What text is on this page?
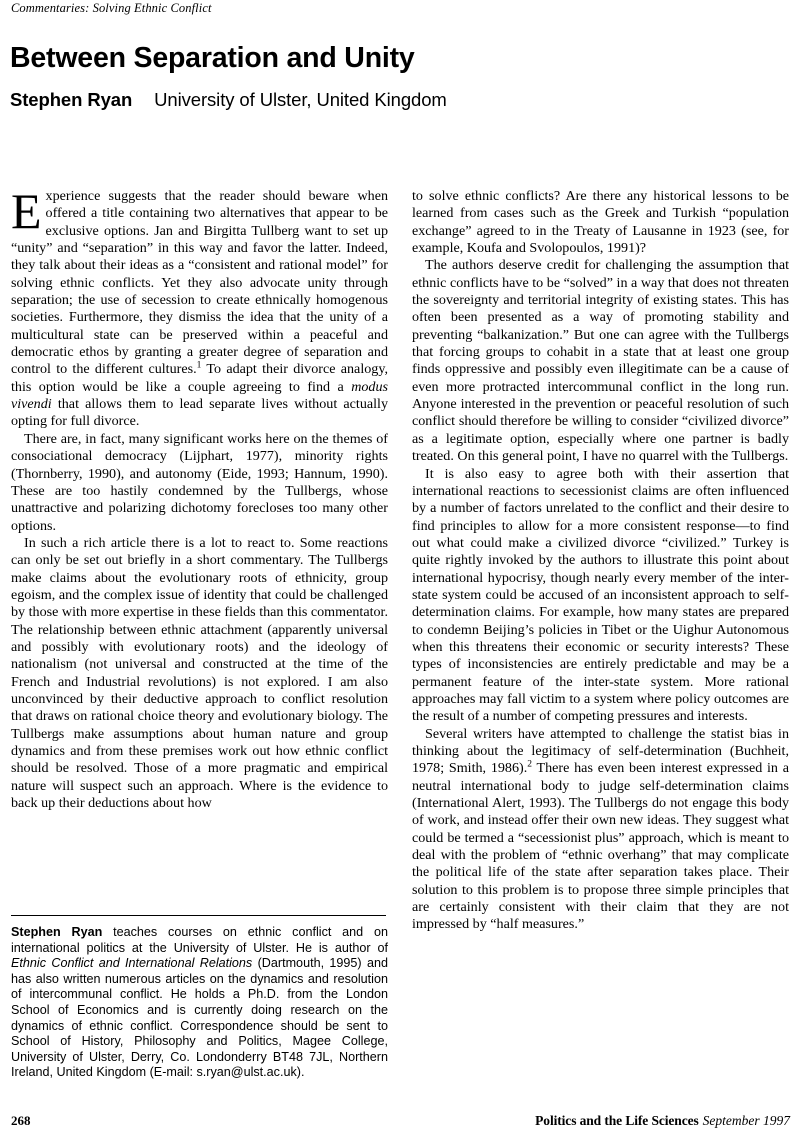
Commentaries: Solving Ethnic Conflict
Between Separation and Unity
Stephen Ryan University of Ulster, United Kingdom

Experience suggests that the reader should beware when offered a title containing two alternatives that appear to be exclusive options. Jan and Birgitta Tullberg want to set up “unity” and “separation” in this way and favor the latter. Indeed, they talk about their ideas as a “consistent and rational model” for solving ethnic conflicts. Yet they also advocate unity through separation; the use of secession to create ethnically homogenous societies. Furthermore, they dismiss the idea that the unity of a multicultural state can be preserved within a peaceful and democratic ethos by granting a greater degree of separation and control to the different cultures.$^1$ To adapt their divorce analogy, this option would be like a couple agreeing to find a modus vivendi that allows them to lead separate lives without actually opting for full divorce.

There are, in fact, many significant works here on the themes of consociational democracy (Lijphart, 1977), minority rights (Thornberry, 1990), and autonomy (Eide, 1993; Hannum, 1990). These are too hastily condemned by the Tullbergs, whose unattractive and polarizing dichotomy forecloses too many other options.

In such a rich article there is a lot to react to. Some reactions can only be set out briefly in a short commentary. The Tullbergs make claims about the evolutionary roots of ethnicity, group egoism, and the complex issue of identity that could be challenged by those with more expertise in these fields than this commentator. The relationship between ethnic attachment (apparently universal and possibly with evolutionary roots) and the ideology of nationalism (not universal and constructed at the time of the French and Industrial revolutions) is not explored. I am also unconvinced by their deductive approach to conflict resolution that draws on rational choice theory and evolutionary biology. The Tullbergs make assumptions about human nature and group dynamics and from these premises work out how ethnic conflict should be resolved. Those of a more pragmatic and empirical nature will suspect such an approach. Where is the evidence to back up their deductions about how

to solve ethnic conflicts? Are there any historical lessons to be learned from cases such as the Greek and Turkish “population exchange” agreed to in the Treaty of Lausanne in 1923 (see, for example, Koufa and Svolopoulos, 1991)?

The authors deserve credit for challenging the assumption that ethnic conflicts have to be “solved” in a way that does not threaten the sovereignty and territorial integrity of existing states. This has often been presented as a way of promoting stability and preventing “balkanization.” But one can agree with the Tullbergs that forcing groups to cohabit in a state that at least one group finds oppressive and possibly even illegitimate can be a cause of even more protracted intercommunal conflict in the long run. Anyone interested in the prevention or peaceful resolution of such conflict should therefore be willing to consider “civilized divorce” as a legitimate option, especially where one partner is badly treated. On this general point, I have no quarrel with the Tullbergs.

It is also easy to agree both with their assertion that international reactions to secessionist claims are often influenced by a number of factors unrelated to the conflict and their desire to find principles to allow for a more consistent response—to find out what could make a civilized divorce “civilized.” Turkey is quite rightly invoked by the authors to illustrate this point about international hypocrisy, though nearly every member of the inter-state system could be accused of an inconsistent approach to self-determination claims. For example, how many states are prepared to condemn Beijing’s policies in Tibet or the Uighur Autonomous when this threatens their economic or security interests? These types of inconsistencies are entirely predictable and may be a permanent feature of the inter-state system. More rational approaches may fall victim to a system where policy outcomes are the result of a number of competing pressures and interests.

Several writers have attempted to challenge the statist bias in thinking about the legitimacy of self-determination (Buchheit, 1978; Smith, 1986).$^2$ There has even been interest expressed in a neutral international body to judge self-determination claims (International Alert, 1993). The Tullbergs do not engage this body of work, and instead offer their own new ideas. They suggest what could be termed a “secessionist plus” approach, which is meant to deal with the problem of “ethnic overhang” that may complicate the political life of the state after separation takes place. Their solution to this problem is to propose three simple principles that are certainly consistent with their claim that they are not impressed by “half measures.”

Stephen Ryan teaches courses on ethnic conflict and on international politics at the University of Ulster. He is author of Ethnic Conflict and International Relations (Dartmouth, 1995) and has also written numerous articles on the dynamics and resolution of intercommunal conflict. He holds a Ph.D. from the London School of Economics and is currently doing research on the dynamics of ethnic conflict. Correspondence should be sent to School of History, Philosophy and Politics, Magee College, University of Ulster, Derry, Co. Londonderry BT48 7JL, Northern Ireland, United Kingdom (E-mail: s.ryan@ulst.ac.uk).
268	Politics and the Life Sciences September 1997
